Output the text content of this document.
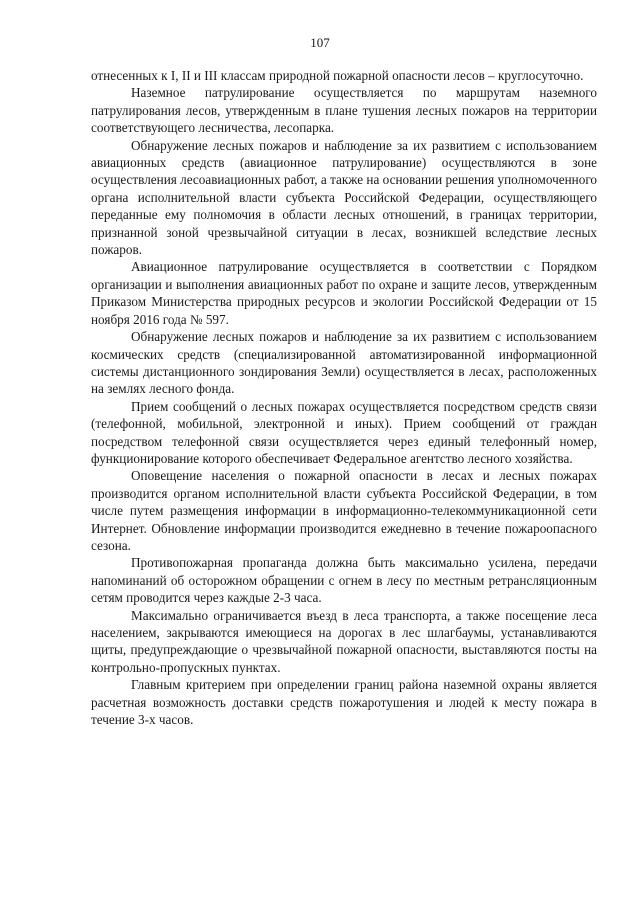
107

отнесенных к I, II и III классам природной пожарной опасности лесов – круглосуточно.

Наземное патрулирование осуществляется по маршрутам наземного патрулирования лесов, утвержденным в плане тушения лесных пожаров на территории соответствующего лесничества, лесопарка.

Обнаружение лесных пожаров и наблюдение за их развитием с использованием авиационных средств (авиационное патрулирование) осуществляются в зоне осуществления лесоавиационных работ, а также на основании решения уполномоченного органа исполнительной власти субъекта Российской Федерации, осуществляющего переданные ему полномочия в области лесных отношений, в границах территории, признанной зоной чрезвычайной ситуации в лесах, возникшей вследствие лесных пожаров.

Авиационное патрулирование осуществляется в соответствии с Порядком организации и выполнения авиационных работ по охране и защите лесов, утвержденным Приказом Министерства природных ресурсов и экологии Российской Федерации от 15 ноября 2016 года № 597.

Обнаружение лесных пожаров и наблюдение за их развитием с использованием космических средств (специализированной автоматизированной информационной системы дистанционного зондирования Земли) осуществляется в лесах, расположенных на землях лесного фонда.

Прием сообщений о лесных пожарах осуществляется посредством средств связи (телефонной, мобильной, электронной и иных). Прием сообщений от граждан посредством телефонной связи осуществляется через единый телефонный номер, функционирование которого обеспечивает Федеральное агентство лесного хозяйства.

Оповещение населения о пожарной опасности в лесах и лесных пожарах производится органом исполнительной власти субъекта Российской Федерации, в том числе путем размещения информации в информационно-телекоммуникационной сети Интернет. Обновление информации производится ежедневно в течение пожароопасного сезона.

Противопожарная пропаганда должна быть максимально усилена, передачи напоминаний об осторожном обращении с огнем в лесу по местным ретрансляционным сетям проводится через каждые 2-3 часа.

Максимально ограничивается въезд в леса транспорта, а также посещение леса населением, закрываются имеющиеся на дорогах в лес шлагбаумы, устанавливаются щиты, предупреждающие о чрезвычайной пожарной опасности, выставляются посты на контрольно-пропускных пунктах.

Главным критерием при определении границ района наземной охраны является расчетная возможность доставки средств пожаротушения и людей к месту пожара в течение 3-х часов.
